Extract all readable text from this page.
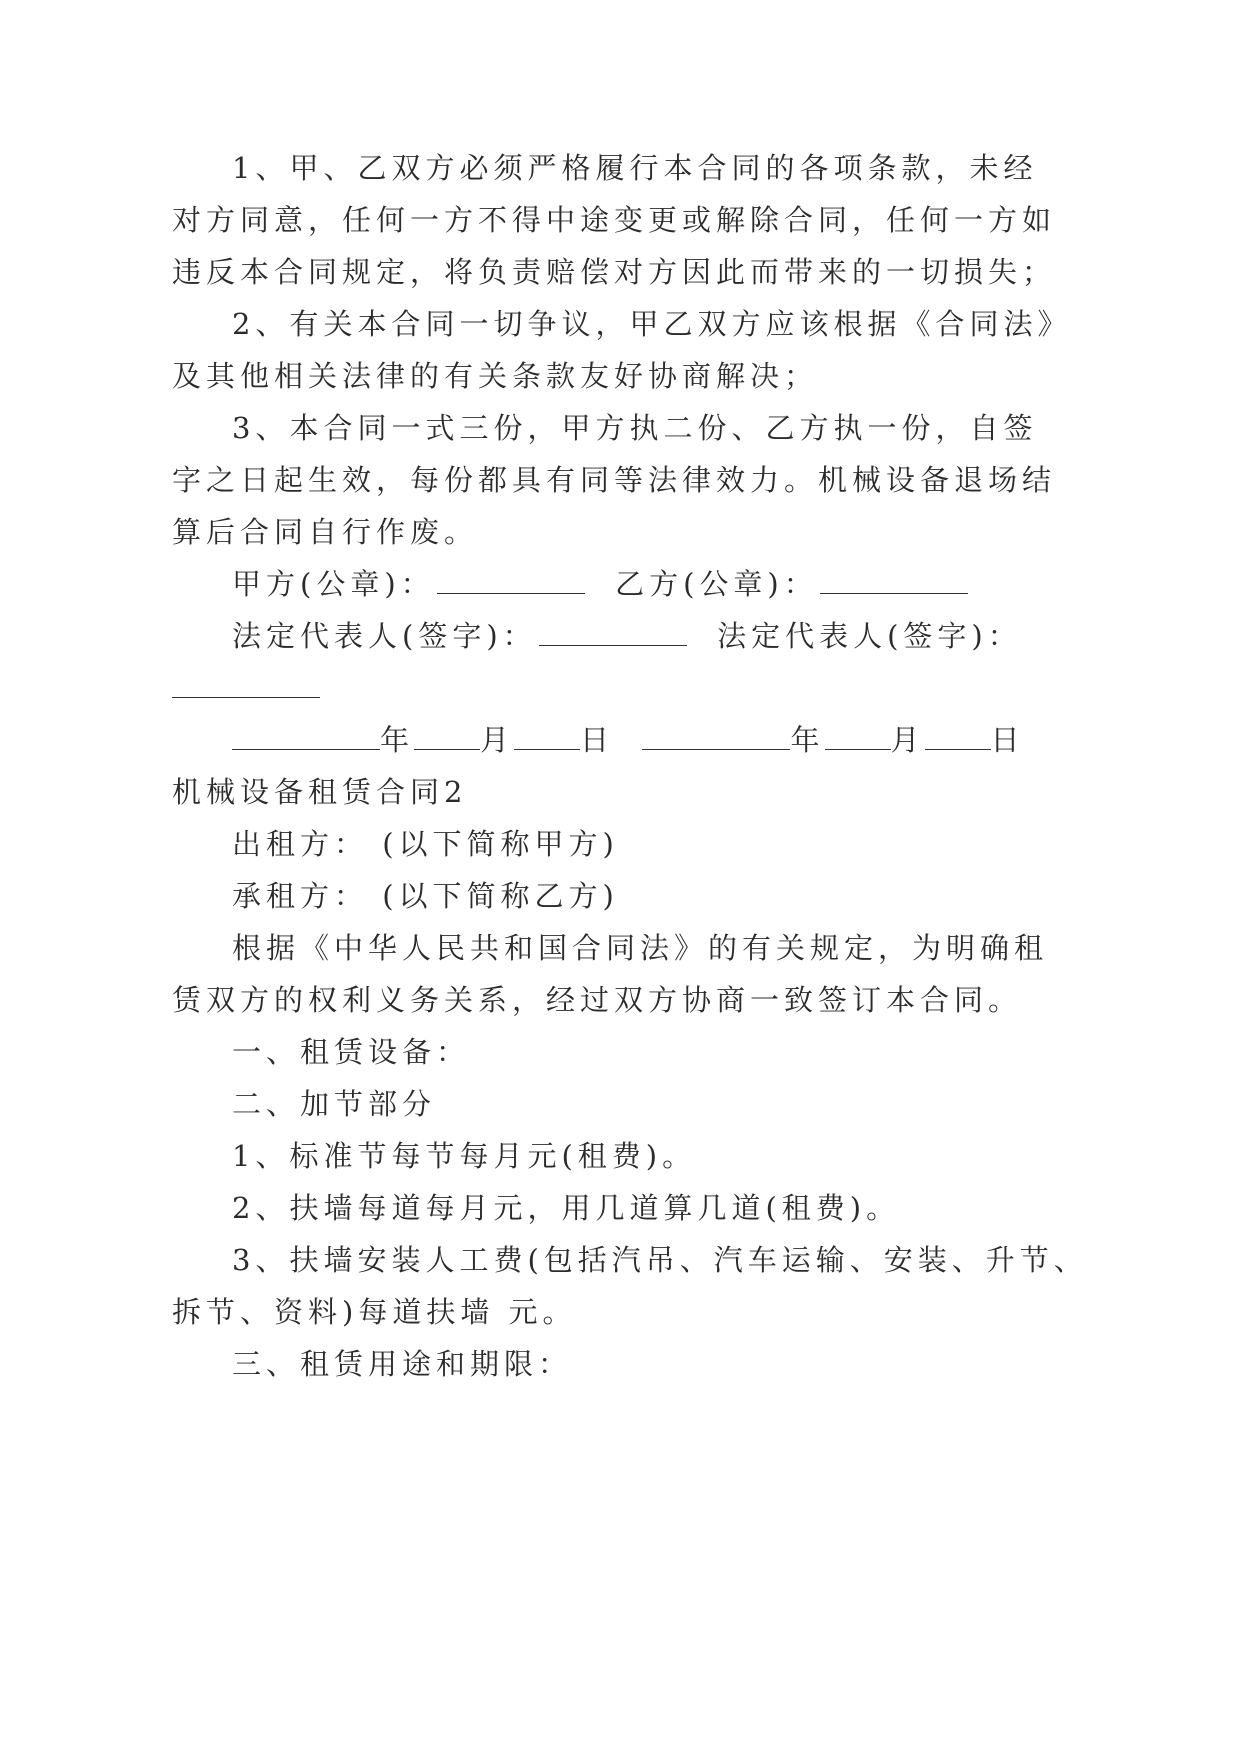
1、甲、乙双方必须严格履行本合同的各项条款，未经
对方同意，任何一方不得中途变更或解除合同，任何一方如
违反本合同规定，将负责赔偿对方因此而带来的一切损失；
2、有关本合同一切争议，甲乙双方应该根据《合同法》
及其他相关法律的有关条款友好协商解决；
3、本合同一式三份，甲方执二份、乙方执一份，自签
字之日起生效，每份都具有同等法律效力。机械设备退场结
算后合同自行作废。
甲方(公章)：	乙方(公章)：
法定代表人(签字)：	法定代表人(签字)：
年 月 日	年 月 日
机械设备租赁合同2
出租方： (以下简称甲方)
承租方： (以下简称乙方)
根据《中华人民共和国合同法》的有关规定，为明确租
赁双方的权利义务关系，经过双方协商一致签订本合同。
一、租赁设备：
二、加节部分
1、标准节每节每月元(租费)。
2、扶墙每道每月元，用几道算几道(租费)。
3、扶墙安装人工费(包括汽吊、汽车运输、安装、升节、
拆节、资料)每道扶墙 元。
三、租赁用途和期限：
